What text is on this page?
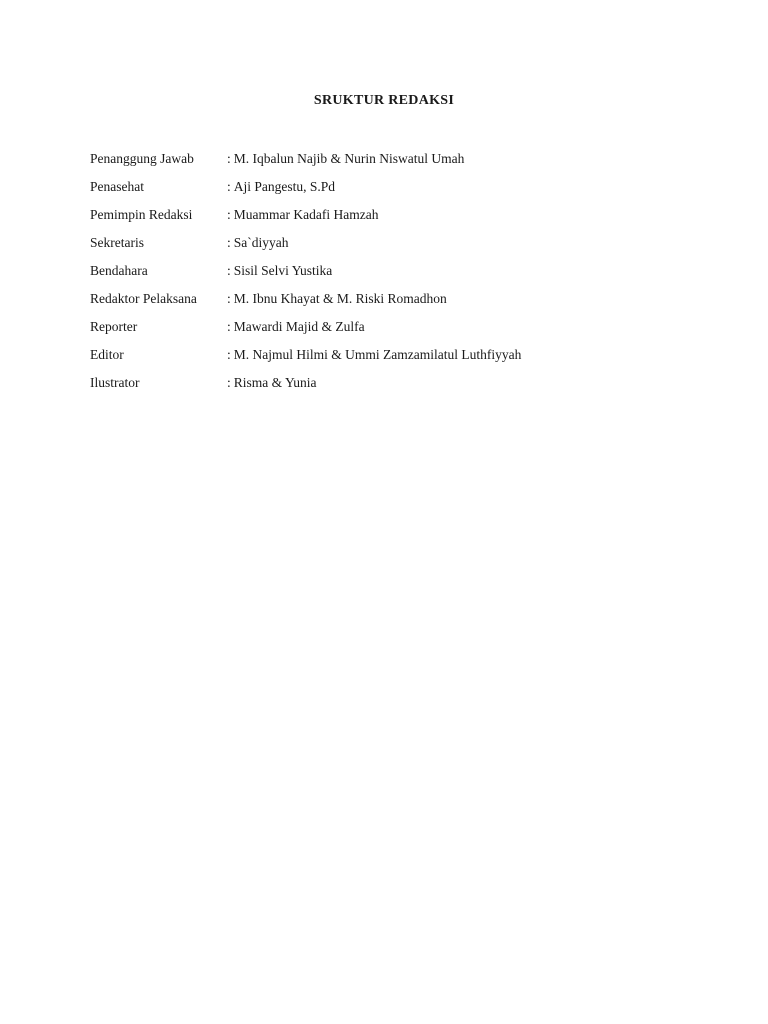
SRUKTUR REDAKSI
Penanggung Jawab	: M. Iqbalun Najib & Nurin Niswatul Umah
Penasehat	: Aji Pangestu, S.Pd
Pemimpin Redaksi	: Muammar Kadafi Hamzah
Sekretaris	: Sa`diyyah
Bendahara	: Sisil Selvi Yustika
Redaktor Pelaksana	: M. Ibnu Khayat & M. Riski Romadhon
Reporter	: Mawardi Majid & Zulfa
Editor	: M. Najmul Hilmi & Ummi Zamzamilatul Luthfiyyah
Ilustrator	: Risma & Yunia
